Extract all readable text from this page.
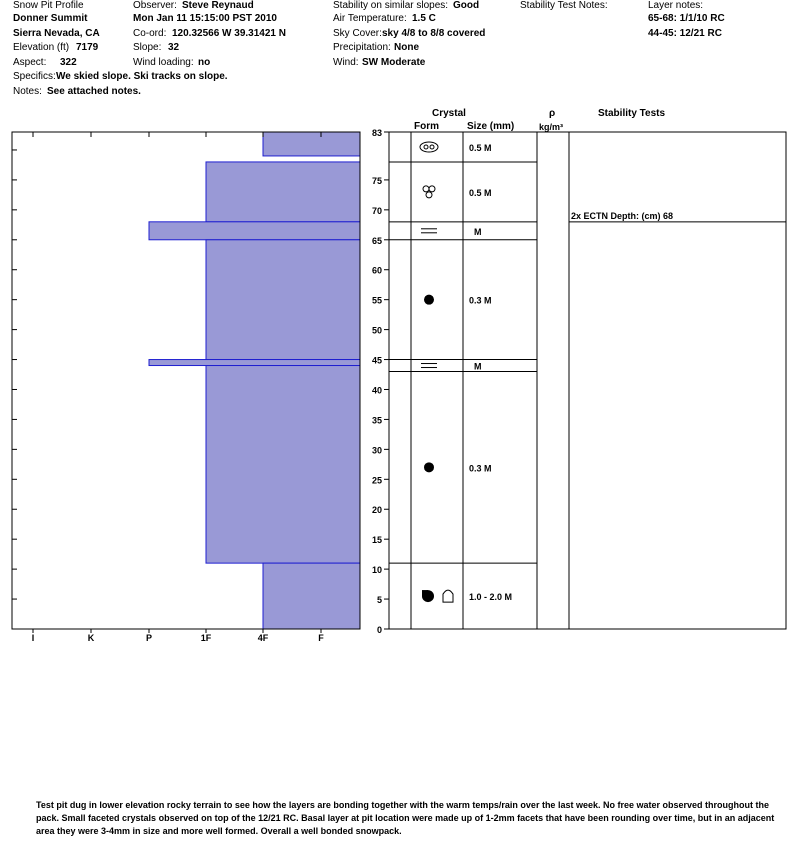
Snow Pit Profile
Donner Summit
Sierra Nevada, CA
Elevation (ft) 7179
Aspect: 322
Specifics: We skied slope. Ski tracks on slope.
Notes: See attached notes.
Observer: Steve Reynaud
Mon Jan 11 15:15:00 PST 2010
Co-ord: 120.32566 W 39.31421 N
Slope: 32
Wind loading: no
Stability on similar slopes: Good
Air Temperature: 1.5 C
Sky Cover: sky 4/8 to 8/8 covered
Precipitation: None
Wind: SW Moderate
Stability Test Notes:	Layer notes:
65-68: 1/1/10 RC
44-45: 12/21 RC
Crystal
Form	Size (mm)
ρ
kg/m³
Stability Tests
I	K	P	1F	4F	F
0
5
10
15
20
25
30
35
40
45
50
55
60
65
70
75
83
0.5 M
0.5 M
M
0.3 M
M
0.3 M
1.0 - 2.0 M
2x ECTN Depth: (cm) 68
Test pit dug in lower elevation rocky terrain to see how the layers are bonding together with the warm temps/rain over the last week. No free water observed throughout the pack. Small faceted crystals observed on top of the 12/21 RC. Basal layer at pit location were made up of 1-2mm facets that have been rounding over time, but in an adjacent area they were 3-4mm in size and more well formed. Overall a well bonded snowpack.
